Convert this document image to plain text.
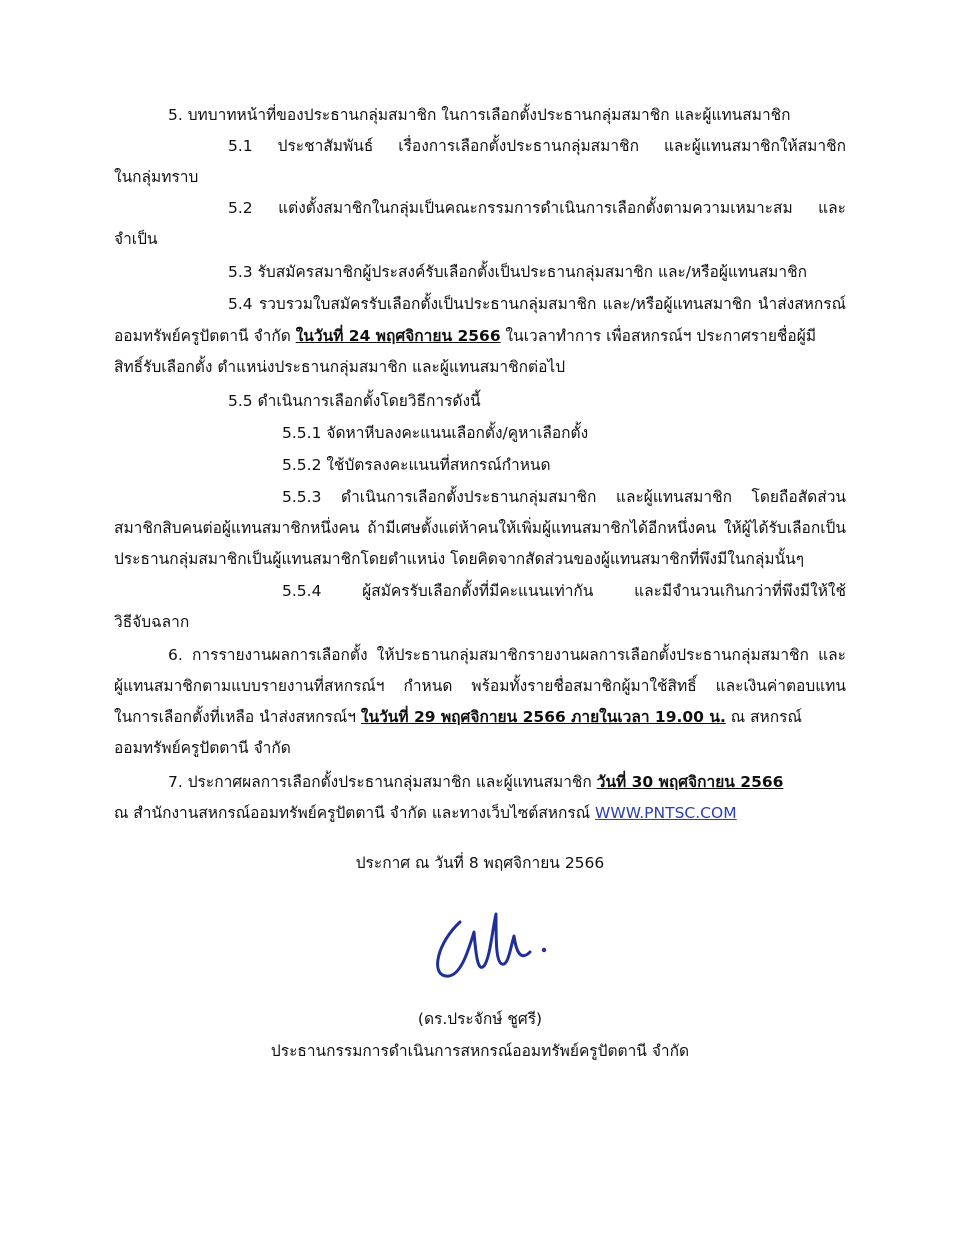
5. บทบาทหน้าที่ของประธานกลุ่มสมาชิก ในการเลือกตั้งประธานกลุ่มสมาชิก และผู้แทนสมาชิก
5.1 ประชาสัมพันธ์ เรื่องการเลือกตั้งประธานกลุ่มสมาชิก และผู้แทนสมาชิกให้สมาชิก
ในกลุ่มทราบ
5.2 แต่งตั้งสมาชิกในกลุ่มเป็นคณะกรรมการดำเนินการเลือกตั้งตามความเหมาะสม และ
จำเป็น
5.3 รับสมัครสมาชิกผู้ประสงค์รับเลือกตั้งเป็นประธานกลุ่มสมาชิก และ/หรือผู้แทนสมาชิก
5.4 รวบรวมใบสมัครรับเลือกตั้งเป็นประธานกลุ่มสมาชิก และ/หรือผู้แทนสมาชิก นำส่งสหกรณ์
ออมทรัพย์ครูปัตตานี จำกัด ในวันที่ 24 พฤศจิกายน 2566 ในเวลาทำการ เพื่อสหกรณ์ฯ ประกาศรายชื่อผู้มี
สิทธิ์รับเลือกตั้ง ตำแหน่งประธานกลุ่มสมาชิก และผู้แทนสมาชิกต่อไป
5.5 ดำเนินการเลือกตั้งโดยวิธีการดังนี้
5.5.1 จัดหาหีบลงคะแนนเลือกตั้ง/คูหาเลือกตั้ง
5.5.2 ใช้บัตรลงคะแนนที่สหกรณ์กำหนด
5.5.3 ดำเนินการเลือกตั้งประธานกลุ่มสมาชิก และผู้แทนสมาชิก โดยถือสัดส่วน
สมาชิกสิบคนต่อผู้แทนสมาชิกหนึ่งคน ถ้ามีเศษตั้งแต่ห้าคนให้เพิ่มผู้แทนสมาชิกได้อีกหนึ่งคน ให้ผู้ได้รับเลือกเป็น
ประธานกลุ่มสมาชิกเป็นผู้แทนสมาชิกโดยตำแหน่ง โดยคิดจากสัดส่วนของผู้แทนสมาชิกที่พึงมีในกลุ่มนั้นๆ
5.5.4 ผู้สมัครรับเลือกตั้งที่มีคะแนนเท่ากัน และมีจำนวนเกินกว่าที่พึงมีให้ใช้
วิธีจับฉลาก
6. การรายงานผลการเลือกตั้ง ให้ประธานกลุ่มสมาชิกรายงานผลการเลือกตั้งประธานกลุ่มสมาชิก และ
ผู้แทนสมาชิกตามแบบรายงานที่สหกรณ์ฯ กำหนด พร้อมทั้งรายชื่อสมาชิกผู้มาใช้สิทธิ์ และเงินค่าตอบแทน
ในการเลือกตั้งที่เหลือ นำส่งสหกรณ์ฯ ในวันที่ 29 พฤศจิกายน 2566 ภายในเวลา 19.00 น. ณ สหกรณ์
ออมทรัพย์ครูปัตตานี จำกัด
7. ประกาศผลการเลือกตั้งประธานกลุ่มสมาชิก และผู้แทนสมาชิก วันที่ 30 พฤศจิกายน 2566
ณ สำนักงานสหกรณ์ออมทรัพย์ครูปัตตานี จำกัด และทางเว็บไซต์สหกรณ์ WWW.PNTSC.COM
ประกาศ ณ วันที่ 8 พฤศจิกายน 2566
(ดร.ประจักษ์ ชูศรี)
ประธานกรรมการดำเนินการสหกรณ์ออมทรัพย์ครูปัตตานี จำกัด
